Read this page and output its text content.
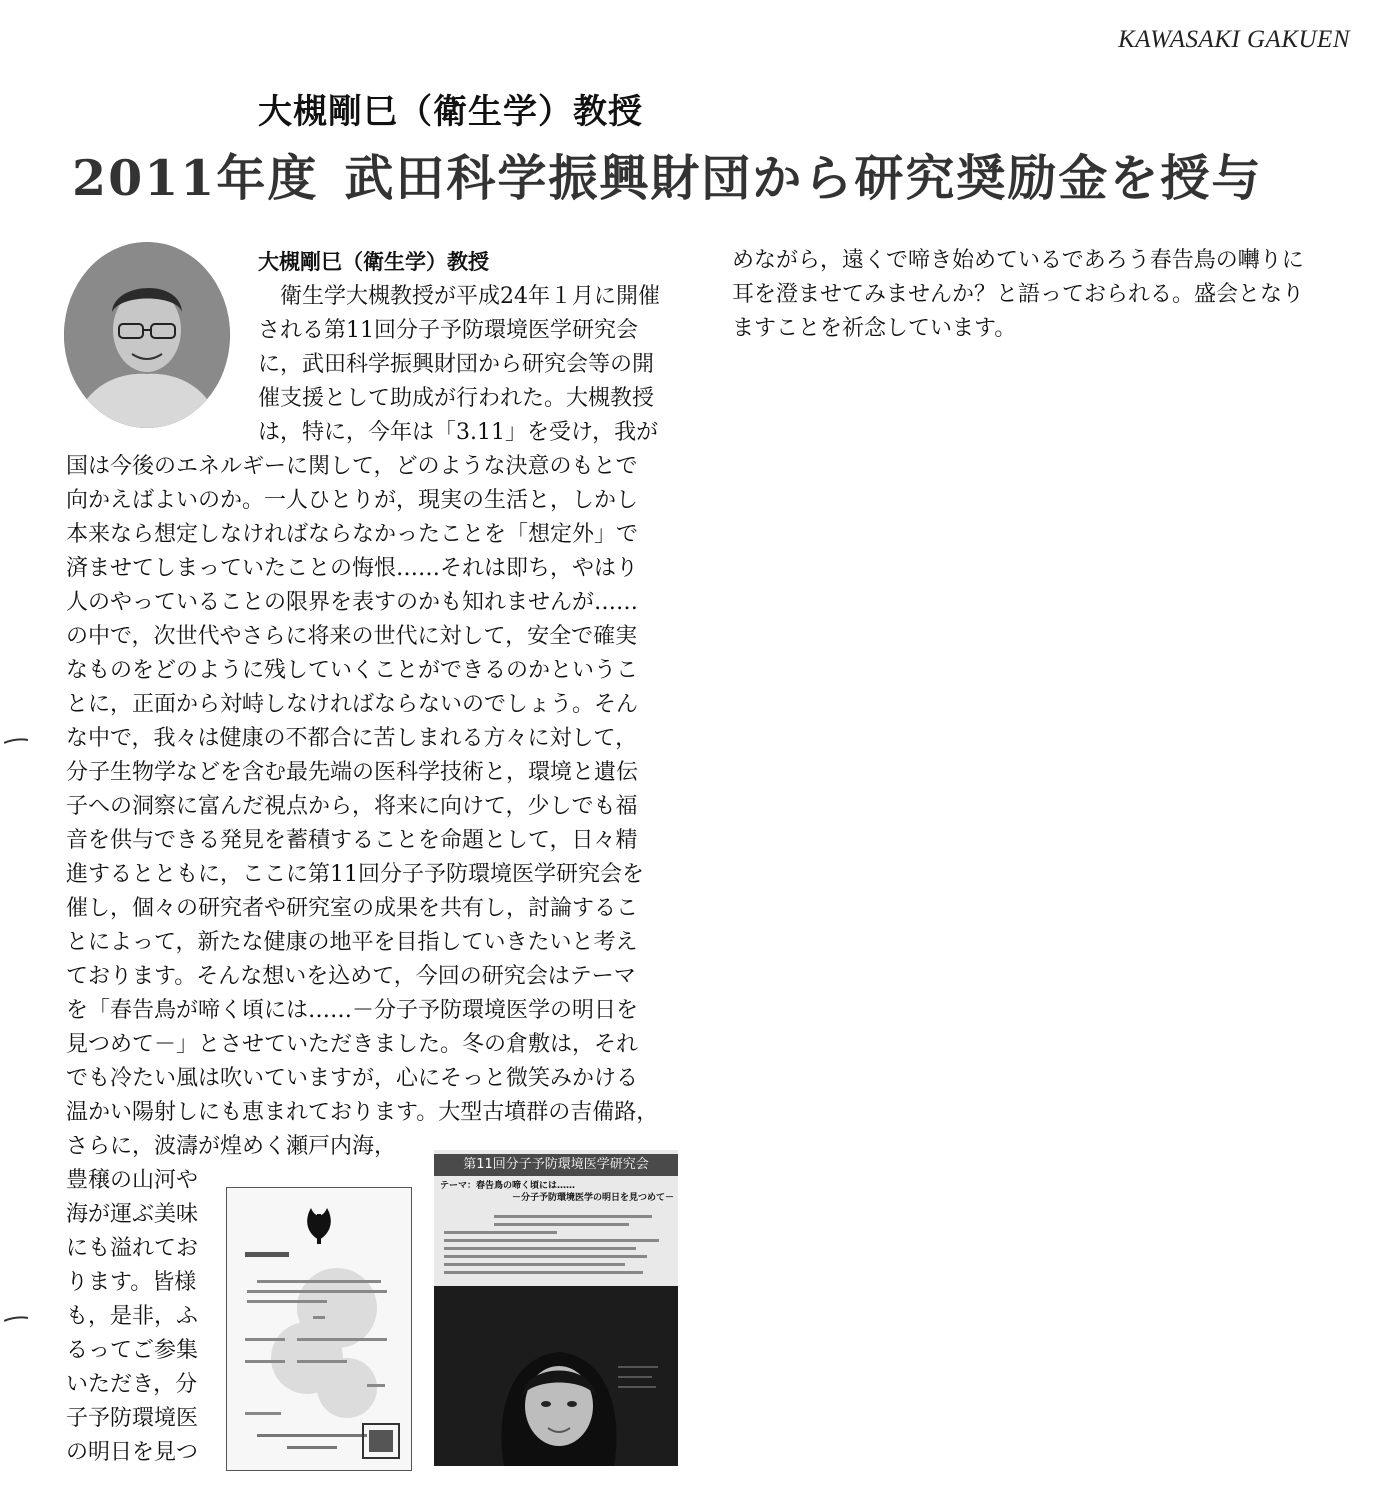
KAWASAKI GAKUEN
大槻剛巳（衛生学）教授
2011年度 武田科学振興財団から研究奨励金を授与
大槻剛巳（衛生学）教授
　衛生学大槻教授が平成24年１月に開催
される第11回分子予防環境医学研究会
に，武田科学振興財団から研究会等の開
催支援として助成が行われた。大槻教授
は，特に，今年は「3.11」を受け，我が
国は今後のエネルギーに関して，どのような決意のもとで
向かえばよいのか。一人ひとりが，現実の生活と，しかし
本来なら想定しなければならなかったことを「想定外」で
済ませてしまっていたことの悔恨……それは即ち，やはり
人のやっていることの限界を表すのかも知れませんが……
の中で，次世代やさらに将来の世代に対して，安全で確実
なものをどのように残していくことができるのかというこ
とに，正面から対峙しなければならないのでしょう。そん
な中で，我々は健康の不都合に苦しまれる方々に対して，
分子生物学などを含む最先端の医科学技術と，環境と遺伝
子への洞察に富んだ視点から，将来に向けて，少しでも福
音を供与できる発見を蓄積することを命題として，日々精
進するとともに，ここに第11回分子予防環境医学研究会を
催し，個々の研究者や研究室の成果を共有し，討論するこ
とによって，新たな健康の地平を目指していきたいと考え
ております。そんな想いを込めて，今回の研究会はテーマ
を「春告鳥が啼く頃には……－分子予防環境医学の明日を
見つめて－」とさせていただきました。冬の倉敷は，それ
でも冷たい風は吹いていますが，心にそっと微笑みかける
温かい陽射しにも恵まれております。大型古墳群の吉備路，
さらに，波濤が煌めく瀬戸内海，
豊穣の山河や
海が運ぶ美味
にも溢れてお
ります。皆様
も，是非，ふ
るってご参集
いただき，分
子予防環境医
の明日を見つ
めながら，遠くで啼き始めているであろう春告鳥の囀りに
耳を澄ませてみませんか？と語っておられる。盛会となり
ますことを祈念しています。
第11回分子予防環境医学研究会
テーマ：春告鳥の啼く頃には……
－分子予防環境医学の明日を見つめて－
